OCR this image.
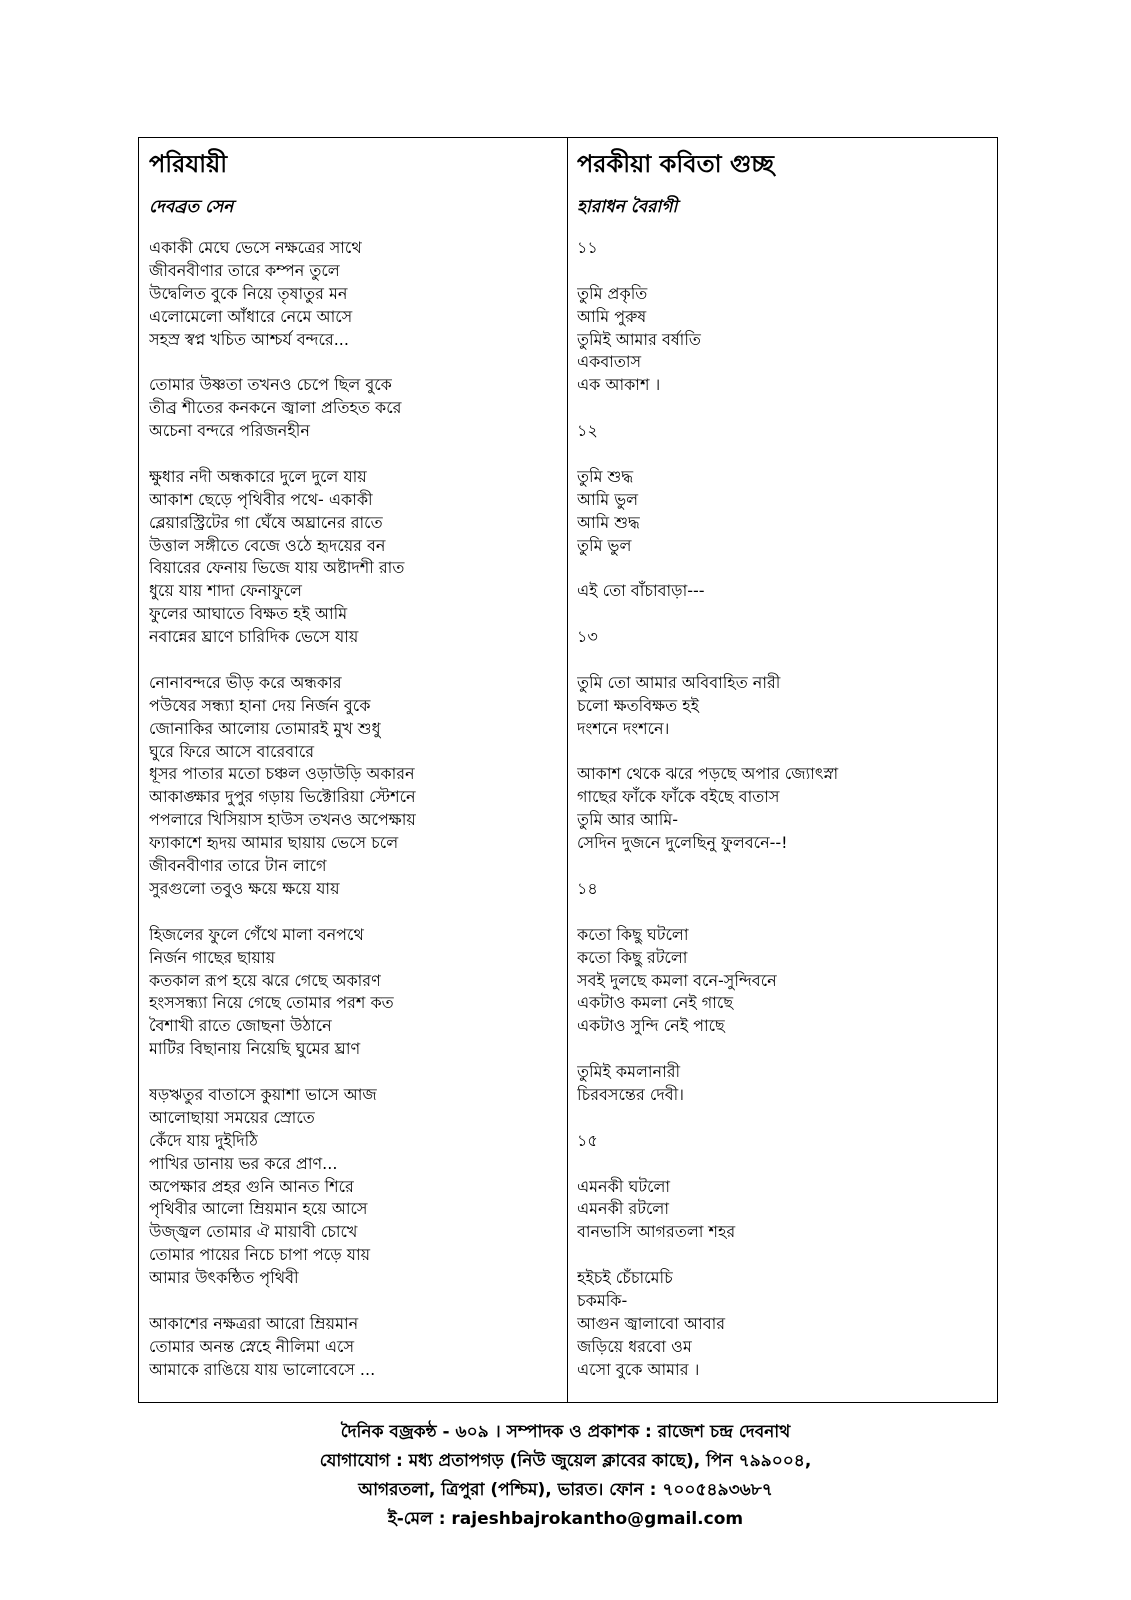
পরিযায়ী
দেবব্রত সেন
একাকী মেঘে ভেসে নক্ষত্রের সাথে
জীবনবীণার তারে কম্পন তুলে
উদ্বেলিত বুকে নিয়ে তৃষাতুর মন
এলোমেলো আঁধারে নেমে আসে
সহস্র স্বপ্ন খচিত আশ্চর্য বন্দরে...

তোমার উষ্ণতা তখনও চেপে ছিল বুকে
তীব্র শীতের কনকনে জ্বালা প্রতিহত করে
অচেনা বন্দরে পরিজনহীন

ক্ষুধার নদী অন্ধকারে দুলে দুলে যায়
আকাশ ছেড়ে পৃথিবীর পথে- একাকী
ব্লেয়ারস্ট্রিটের গা ঘেঁষে অঘ্রানের রাতে
উত্তাল সঙ্গীতে বেজে ওঠে হৃদয়ের বন
বিয়ারের ফেনায় ভিজে যায় অষ্টাদশী রাত
ধুয়ে যায় শাদা ফেনাফুলে
ফুলের আঘাতে বিক্ষত হই আমি
নবান্নের ঘ্রাণে চারিদিক ভেসে যায়

নোনাবন্দরে ভীড় করে অন্ধকার
পউষের সন্ধ্যা হানা দেয় নির্জন বুকে
জোনাকির আলোয় তোমারই মুখ শুধু
ঘুরে ফিরে আসে বারেবারে
ধূসর পাতার মতো চঞ্চল ওড়াউড়ি অকারন
আকাঙ্ক্ষার দুপুর গড়ায় ভিক্টোরিয়া স্টেশনে
পপলারে খিসিয়াস হাউস তখনও অপেক্ষায়
ফ্যাকাশে হৃদয় আমার ছায়ায় ভেসে চলে
জীবনবীণার তারে টান লাগে
সুরগুলো তবুও ক্ষয়ে ক্ষয়ে যায়

হিজলের ফুলে গেঁথে মালা বনপথে
নির্জন গাছের ছায়ায়
কতকাল রূপ হয়ে ঝরে গেছে অকারণ
হংসসন্ধ্যা নিয়ে গেছে তোমার পরশ কত
বৈশাখী রাতে জোছনা উঠানে
মাটির বিছানায় নিয়েছি ঘুমের ঘ্রাণ

ষড়ঋতুর বাতাসে কুয়াশা ভাসে আজ
আলোছায়া সময়ের স্রোতে
কেঁদে যায় দুইদিঠি
পাখির ডানায় ভর করে প্রাণ...
অপেক্ষার প্রহর গুনি আনত শিরে
পৃথিবীর আলো ম্রিয়মান হয়ে আসে
উজ্জ্বল তোমার ঐ মায়াবী চোখে
তোমার পায়ের নিচে চাপা পড়ে যায়
আমার উৎকন্ঠিত পৃথিবী

আকাশের নক্ষত্ররা আরো ম্রিয়মান
তোমার অনন্ত স্নেহে নীলিমা এসে
আমাকে রাঙিয়ে যায় ভালোবেসে ...
পরকীয়া কবিতা গুচ্ছ
হারাধন বৈরাগী
১১

তুমি প্রকৃতি
আমি পুরুষ
তুমিই আমার বর্ষাতি
একবাতাস
এক আকাশ ।

১২

তুমি শুদ্ধ
আমি ভুল
আমি শুদ্ধ
তুমি ভুল

এই তো বাঁচাবাড়া---

১৩

তুমি তো আমার অবিবাহিত নারী
চলো ক্ষতবিক্ষত হই
দংশনে দংশনে।

আকাশ থেকে ঝরে পড়ছে অপার জ্যোৎস্না
গাছের ফাঁকে ফাঁকে বইছে বাতাস
তুমি আর আমি-
সেদিন দুজনে দুলেছিনু ফুলবনে--!

১৪

কতো কিছু ঘটলো
কতো কিছু রটলো
সবই দুলছে কমলা বনে-সুন্দিবনে
একটাও কমলা নেই গাছে
একটাও সুন্দি নেই পাছে

তুমিই কমলানারী
চিরবসন্তের দেবী।

১৫

এমনকী ঘটলো
এমনকী রটলো
বানভাসি আগরতলা শহর

হইচই চেঁচামেচি
চকমকি-
আগুন জ্বালাবো আবার
জড়িয়ে ধরবো ওম
এসো বুকে আমার ।
দৈনিক বজ্রকন্ঠ - ৬০৯ । সম্পাদক ও প্রকাশক : রাজেশ চন্দ্র দেবনাথ
যোগাযোগ : মধ্য প্রতাপগড় (নিউ জুয়েল ক্লাবের কাছে), পিন ৭৯৯০০৪,
আগরতলা, ত্রিপুরা (পশ্চিম), ভারত। ফোন : ৭০০৫৪৯৩৬৮৭
ই-মেল : rajeshbajrokantho@gmail.com
